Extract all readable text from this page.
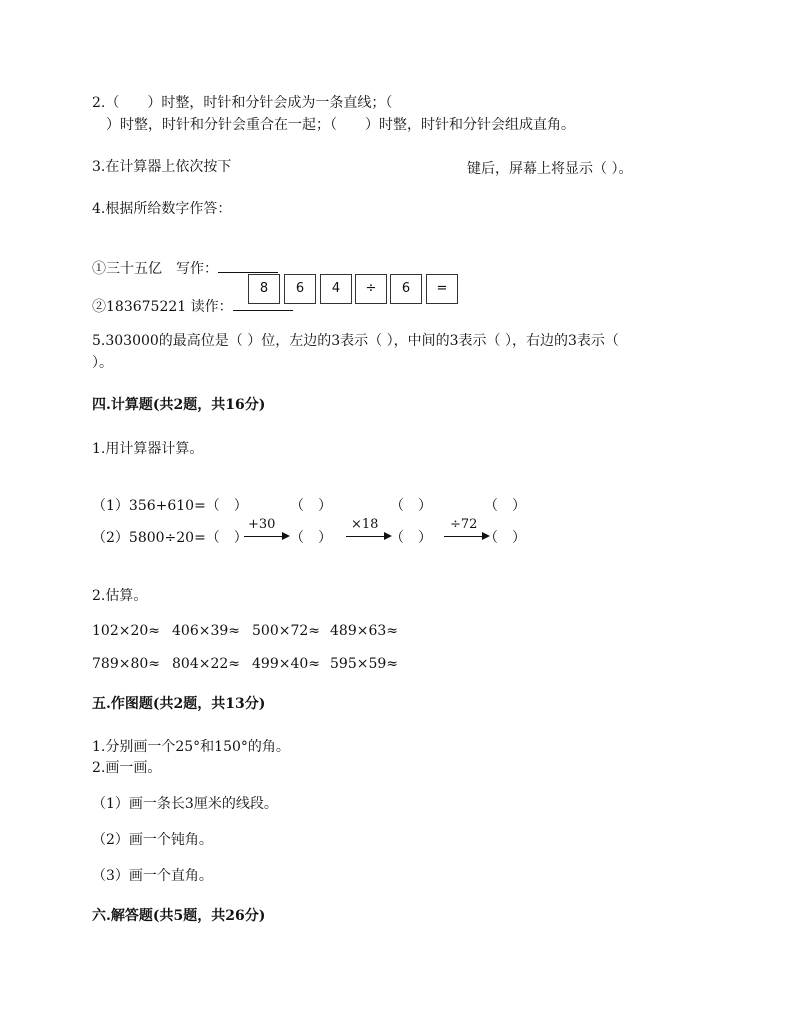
2.（　　）时整，时针和分针会成为一条直线；（
　）时整，时针和分针会重合在一起；（　　）时整，时针和分针会组成直角。
3.在计算器上依次按下
8	6	4	÷	6	=
键后，屏幕上将显示（ ）。
4.根据所给数字作答：
①三十五亿　写作：
②183675221 读作：
5.303000的最高位是（ ）位，左边的3表示（ ），中间的3表示（ ），右边的3表示（
）。
四.计算题(共2题，共16分)
1.用计算器计算。
（1）356+610=（　）
（2）5800÷20=（　）
（　）	（　）	（　）
（　）	（　）	（　）
+30	×18	÷72
2.估算。
102×20≈ 406×39≈ 500×72≈ 489×63≈
789×80≈ 804×22≈ 499×40≈ 595×59≈
五.作图题(共2题，共13分)
1.分别画一个25°和150°的角。
2.画一画。
（1）画一条长3厘米的线段。
（2）画一个钝角。
（3）画一个直角。
六.解答题(共5题，共26分)
